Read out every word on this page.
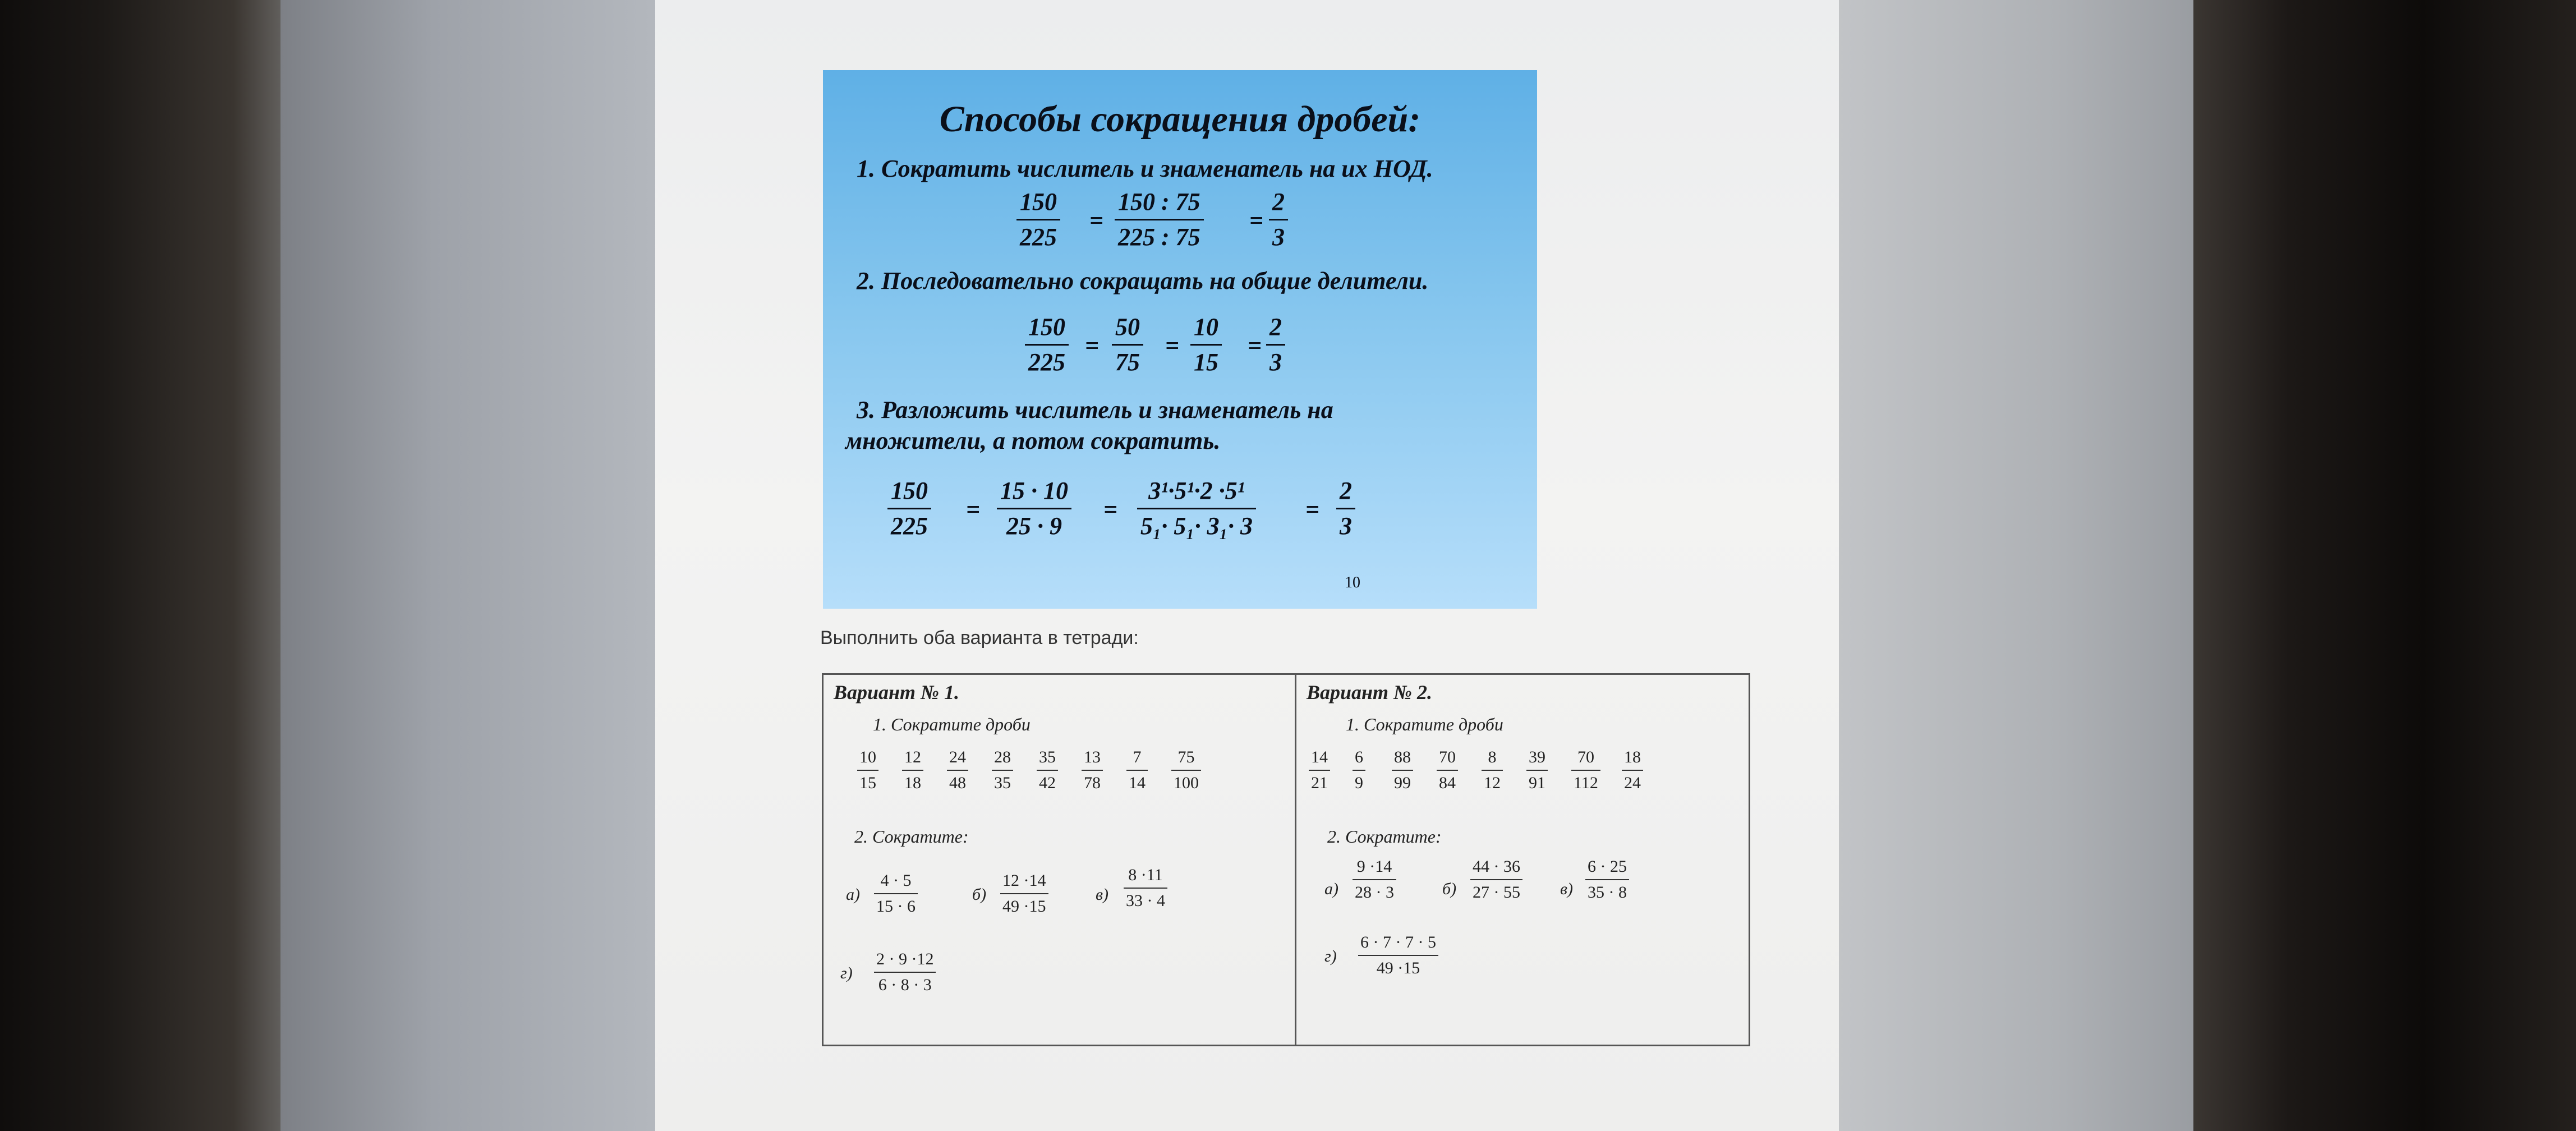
Способы сокращения дробей:
1. Сократить числитель и знаменатель на их НОД.
$\frac{150}{225} = \frac{150 : 75}{225 : 75} = \frac{2}{3}$
2. Последовательно сокращать на общие делители.
$\frac{150}{225} = \frac{50}{75} = \frac{10}{15} = \frac{2}{3}$
3. Разложить числитель и знаменатель на
множители, а потом сократить.
$\frac{150}{225} = \frac{15 \cdot 10}{25 \cdot 9} = \frac{\text{3¹·5¹·2 ·5¹}}{\text{5₁· 5₁· 3₁· 3}} = \frac{2}{3}$
10
Выполнить оба варианта в тетради:
Вариант № 1.
1. Сократите дроби
$\frac{10}{15} \frac{12}{18} \frac{24}{48} \frac{28}{35} \frac{35}{42} \frac{13}{78} \frac{7}{14} \frac{75}{100}$
2. Сократите:
$а) \frac{4 \cdot 5}{15 \cdot 6}$	$б) \frac{12 \cdot 14}{49 \cdot 15}$	$в) \frac{8 \cdot 11}{33 \cdot 4}$
$г) \frac{2 \cdot 9 \cdot 12}{6 \cdot 8 \cdot 3}$
Вариант № 2.
1. Сократите дроби
$\frac{14}{21} \frac{6}{9} \frac{88}{99} \frac{70}{84} \frac{8}{12} \frac{39}{91} \frac{70}{112} \frac{18}{24}$
2. Сократите:
$а) \frac{9 \cdot 14}{28 \cdot 3}$	$б) \frac{44 \cdot 36}{27 \cdot 55} в) \frac{6 \cdot 25}{35 \cdot 8}$
$г) \frac{6 \cdot 7 \cdot 7 \cdot 5}{49 \cdot 15}$
